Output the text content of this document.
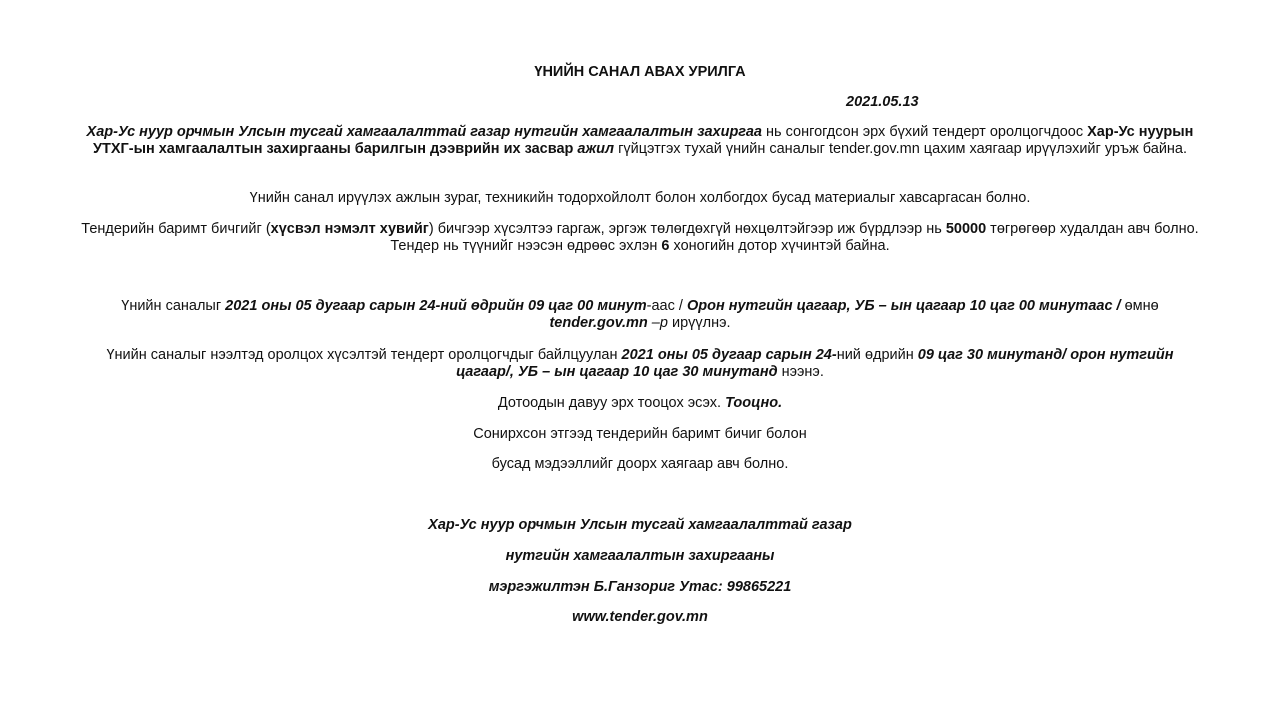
ҮНИЙН САНАЛ АВАХ УРИЛГА

2021.05.13

Хар-Ус нуур орчмын Улсын тусгай хамгаалалттай газар нутгийн хамгаалалтын захиргаа нь сонгогдсон эрх бүхий тендерт оролцогчдоос Хар-Ус нуурын УТХГ-ын хамгаалалтын захиргааны барилгын дээврийн их засвар ажил гүйцэтгэх тухай үнийн саналыг tender.gov.mn цахим хаягаар ирүүлэхийг уръж байна.

Үнийн санал ирүүлэх ажлын зураг, техникийн тодорхойлолт болон холбогдох бусад материалыг хавсаргасан болно.

Тендерийн баримт бичгийг (хүсвэл нэмэлт хувийг) бичгээр хүсэлтээ гаргаж, эргэж төлөгдөхгүй нөхцөлтэйгээр иж бүрдлээр нь 50000 төгрөгөөр худалдан авч болно. Тендер нь түүнийг нээсэн өдрөөс эхлэн 6 хоногийн дотор хүчинтэй байна.

Үнийн саналыг 2021 оны 05 дугаар сарын 24-ний өдрийн 09 цаг 00 минут-аас / Орон нутгийн цагаар, УБ – ын цагаар 10 цаг 00 минутаас / өмнө tender.gov.mn –р ирүүлнэ.

Үнийн саналыг нээлтэд оролцох хүсэлтэй тендерт оролцогчдыг байлцуулан 2021 оны 05 дугаар сарын 24-ний өдрийн 09 цаг 30 минутанд/ орон нутгийн цагаар/, УБ – ын цагаар 10 цаг 30 минутанд нээнэ.

Дотоодын давуу эрх тооцох эсэх. Тооцно.

Сонирхсон этгээд тендерийн баримт бичиг болон

бусад мэдээллийг доорх хаягаар авч болно.

Хар-Ус нуур орчмын Улсын тусгай хамгаалалттай газар

нутгийн хамгаалалтын захиргааны

мэргэжилтэн Б.Ганзориг Утас: 99865221

www.tender.gov.mn
